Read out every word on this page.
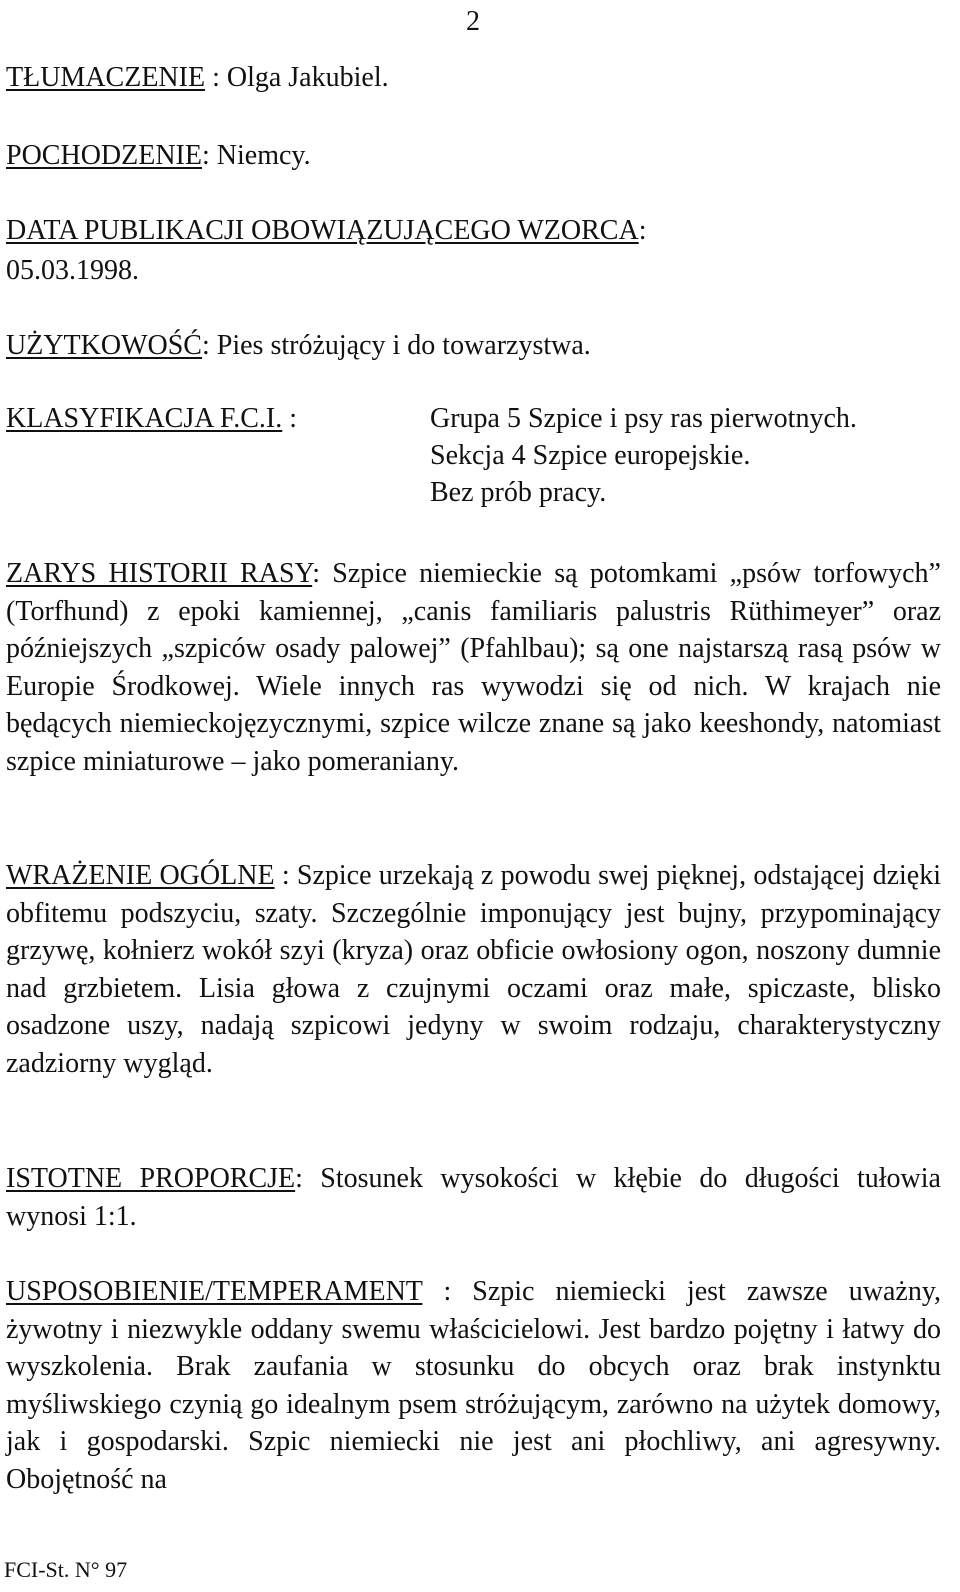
2
TŁUMACZENIE : Olga Jakubiel.
POCHODZENIE: Niemcy.
DATA PUBLIKACJI OBOWIĄZUJĄCEGO WZORCA:
05.03.1998.
UŻYTKOWOŚĆ: Pies stróżujący i do towarzystwa.
KLASYFIKACJA F.C.I. :	Grupa 5 Szpice i psy ras pierwotnych.
Sekcja 4 Szpice europejskie.
Bez prób pracy.

ZARYS HISTORII RASY: Szpice niemieckie są potomkami „psów torfowych” (Torfhund) z epoki kamiennej, „canis familiaris palustris Rüthimeyer” oraz późniejszych „szpiców osady palowej” (Pfahlbau); są one najstarszą rasą psów w Europie Środkowej. Wiele innych ras wywodzi się od nich. W krajach nie będących niemieckojęzycznymi, szpice wilcze znane są jako keeshondy, natomiast szpice miniaturowe – jako pomeraniany.

WRAŻENIE OGÓLNE : Szpice urzekają z powodu swej pięknej, odstającej dzięki obfitemu podszyciu, szaty. Szczególnie imponujący jest bujny, przypominający grzywę, kołnierz wokół szyi (kryza) oraz obficie owłosiony ogon, noszony dumnie nad grzbietem. Lisia głowa z czujnymi oczami oraz małe, spiczaste, blisko osadzone uszy, nadają szpicowi jedyny w swoim rodzaju, charakterystyczny zadziorny wygląd.

ISTOTNE PROPORCJE: Stosunek wysokości w kłębie do długości tułowia wynosi 1:1.

USPOSOBIENIE/TEMPERAMENT : Szpic niemiecki jest zawsze uważny, żywotny i niezwykle oddany swemu właścicielowi. Jest bardzo pojętny i łatwy do wyszkolenia. Brak zaufania w stosunku do obcych oraz brak instynktu myśliwskiego czynią go idealnym psem stróżującym, zarówno na użytek domowy, jak i gospodarski. Szpic niemiecki nie jest ani płochliwy, ani agresywny. Obojętność na

FCI-St. N° 97
